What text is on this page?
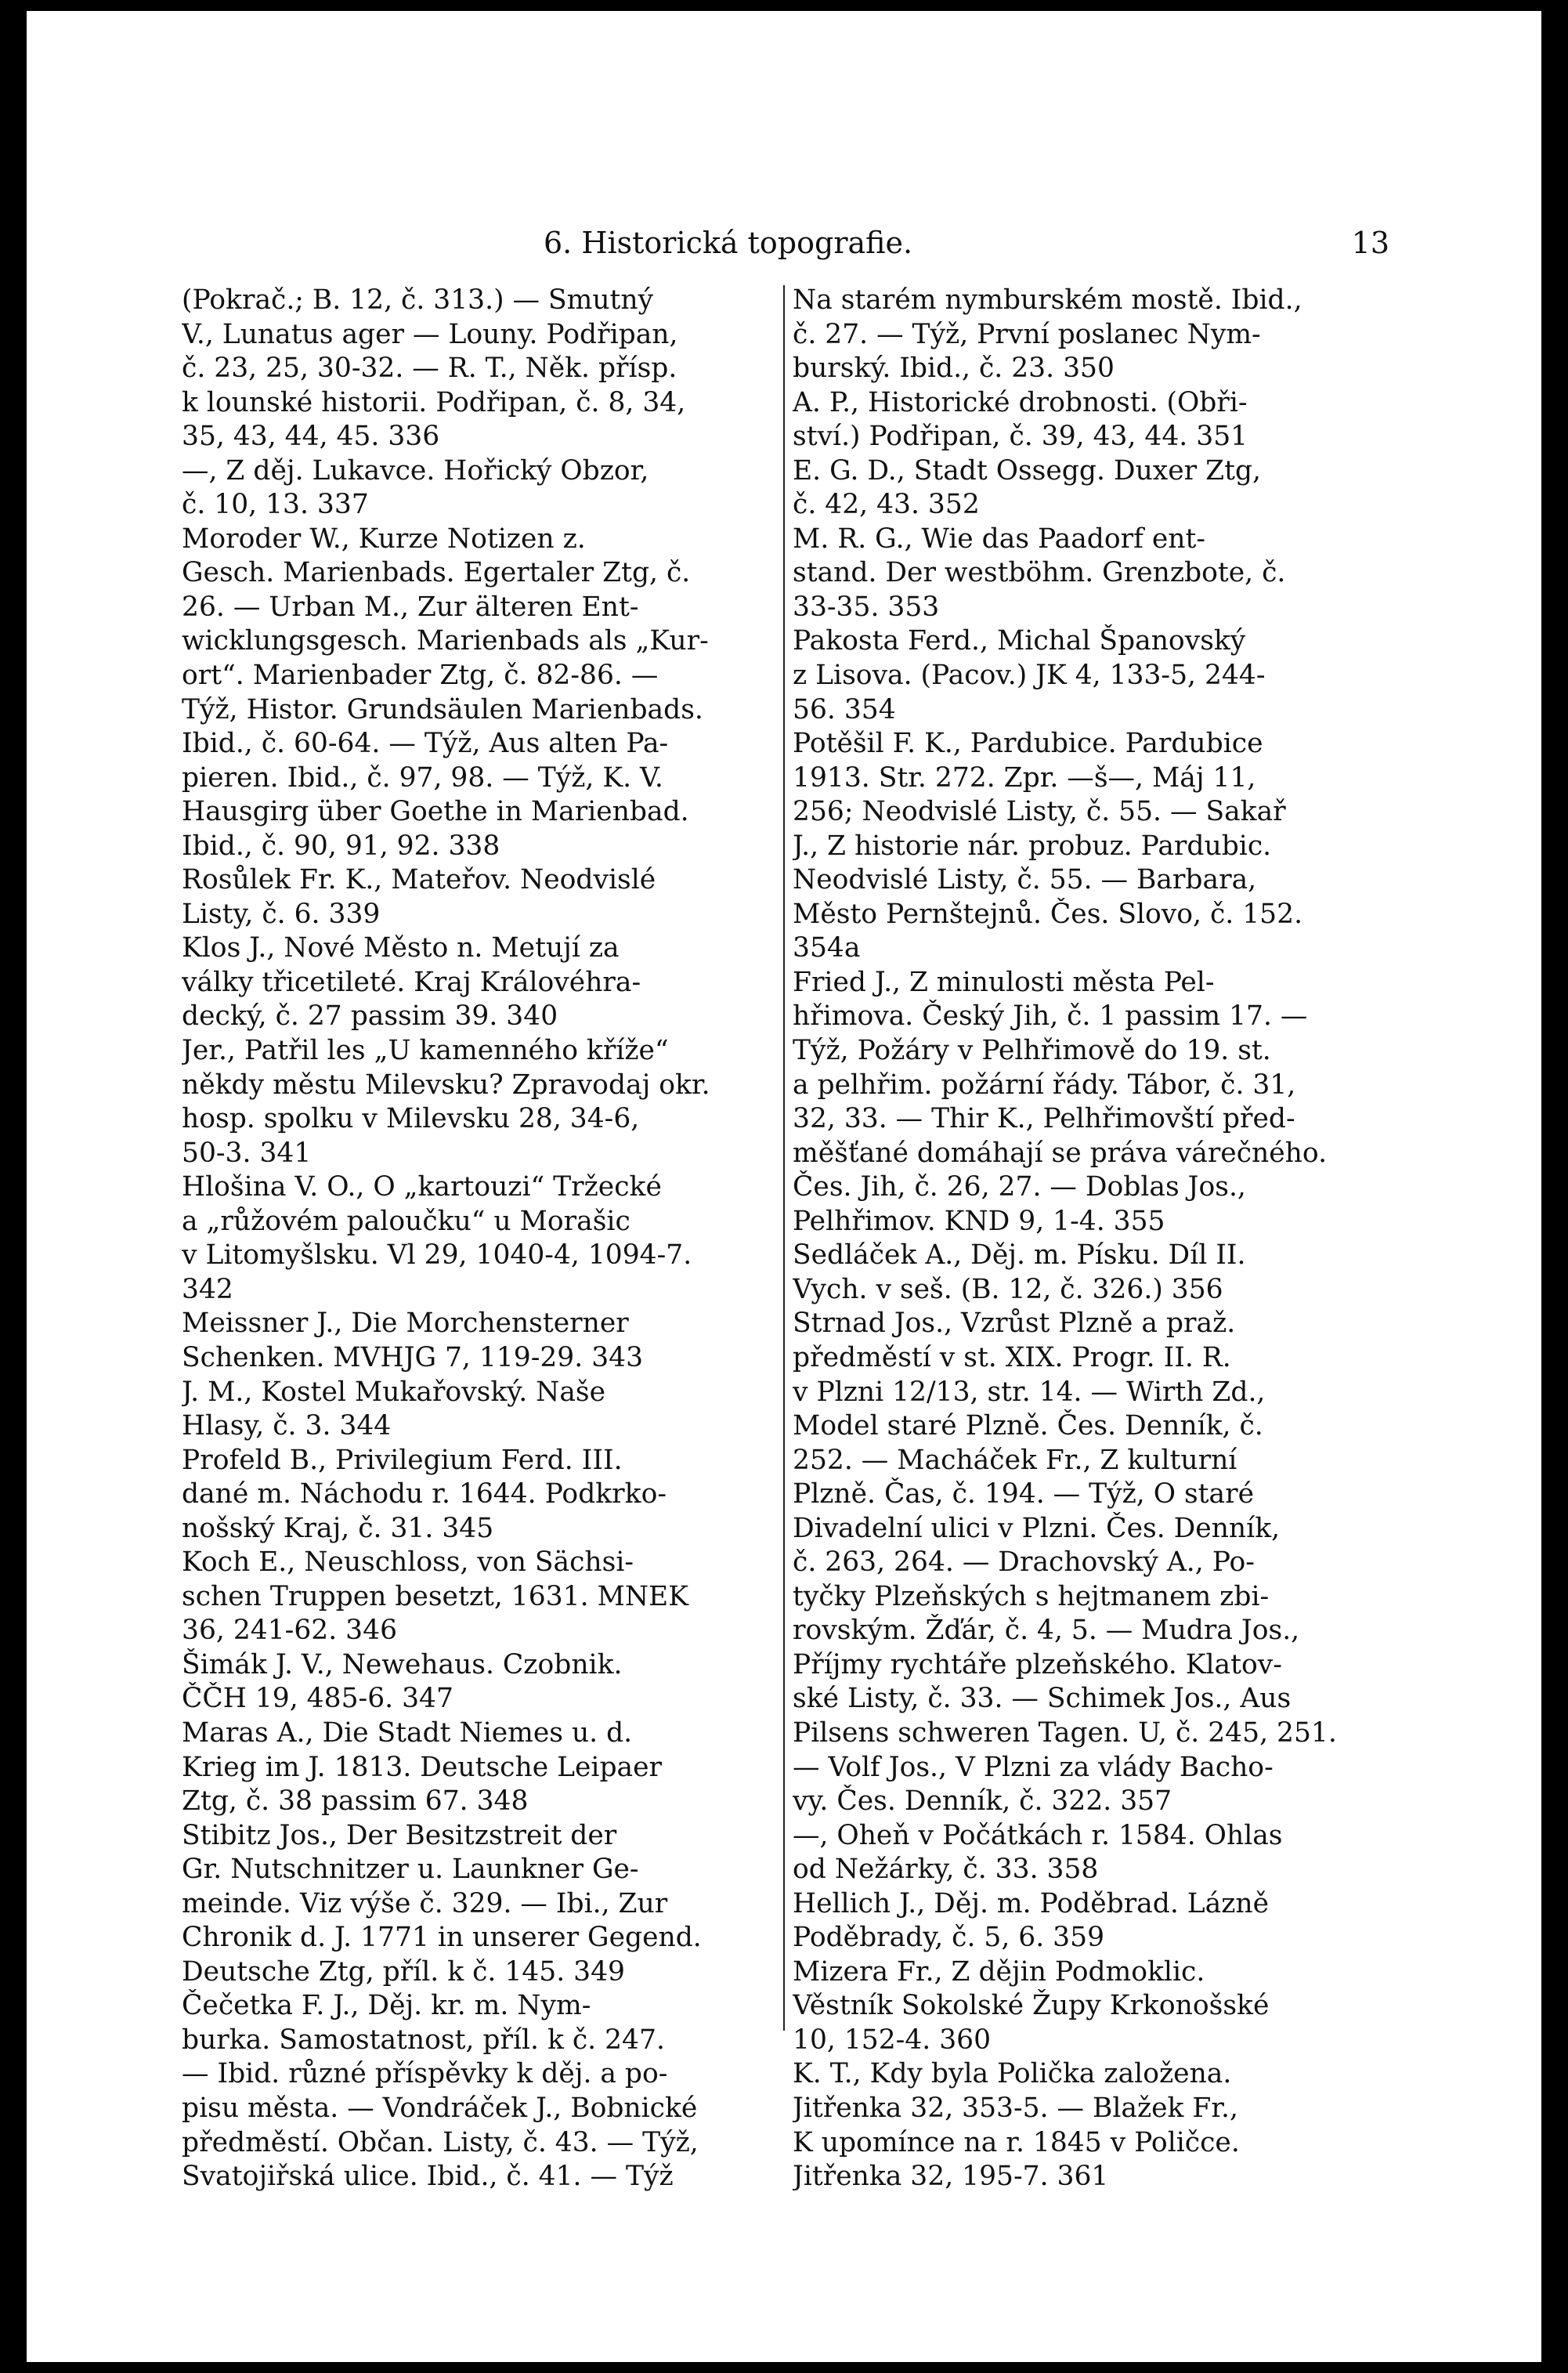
6. Historická topografie.	13
(Pokrač.; B. 12, č. 313.) — Smutný
V., Lunatus ager — Louny. Podřipan,
č. 23, 25, 30-32. — R. T., Něk. přísp.
k lounské historii. Podřipan, č. 8, 34,
35, 43, 44, 45. 336
—, Z děj. Lukavce. Hořický Obzor,
č. 10, 13. 337
Moroder W., Kurze Notizen z.
Gesch. Marienbads. Egertaler Ztg, č.
26. — Urban M., Zur älteren Ent-
wicklungsgesch. Marienbads als „Kur-
ort“. Marienbader Ztg, č. 82-86. —
Týž, Histor. Grundsäulen Marienbads.
Ibid., č. 60-64. — Týž, Aus alten Pa-
pieren. Ibid., č. 97, 98. — Týž, K. V.
Hausgirg über Goethe in Marienbad.
Ibid., č. 90, 91, 92. 338
Rosůlek Fr. K., Mateřov. Neodvislé
Listy, č. 6. 339
Klos J., Nové Město n. Metují za
války třicetileté. Kraj Královéhra-
decký, č. 27 passim 39. 340
Jer., Patřil les „U kamenného kříže“
někdy městu Milevsku? Zpravodaj okr.
hosp. spolku v Milevsku 28, 34-6,
50-3. 341
Hlošina V. O., O „kartouzi“ Tržecké
a „růžovém paloučku“ u Morašic
v Litomyšlsku. Vl 29, 1040-4, 1094-7.
342
Meissner J., Die Morchensterner
Schenken. MVHJG 7, 119-29. 343
J. M., Kostel Mukařovský. Naše
Hlasy, č. 3. 344
Profeld B., Privilegium Ferd. III.
dané m. Náchodu r. 1644. Podkrko-
nošský Kraj, č. 31. 345
Koch E., Neuschloss, von Sächsi-
schen Truppen besetzt, 1631. MNEK
36, 241-62. 346
Šimák J. V., Newehaus. Czobnik.
ČČH 19, 485-6. 347
Maras A., Die Stadt Niemes u. d.
Krieg im J. 1813. Deutsche Leipaer
Ztg, č. 38 passim 67. 348
Stibitz Jos., Der Besitzstreit der
Gr. Nutschnitzer u. Launkner Ge-
meinde. Viz výše č. 329. — Ibi., Zur
Chronik d. J. 1771 in unserer Gegend.
Deutsche Ztg, příl. k č. 145. 349
Čečetka F. J., Děj. kr. m. Nym-
burka. Samostatnost, příl. k č. 247.
— Ibid. různé příspěvky k děj. a po-
pisu města. — Vondráček J., Bobnické
předměstí. Občan. Listy, č. 43. — Týž,
Svatojiřská ulice. Ibid., č. 41. — Týž
Na starém nymburském mostě. Ibid.,
č. 27. — Týž, První poslanec Nym-
burský. Ibid., č. 23. 350
A. P., Historické drobnosti. (Obři-
ství.) Podřipan, č. 39, 43, 44. 351
E. G. D., Stadt Ossegg. Duxer Ztg,
č. 42, 43. 352
M. R. G., Wie das Paadorf ent-
stand. Der westböhm. Grenzbote, č.
33-35. 353
Pakosta Ferd., Michal Španovský
z Lisova. (Pacov.) JK 4, 133-5, 244-
56. 354
Potěšil F. K., Pardubice. Pardubice
1913. Str. 272. Zpr. —š—, Máj 11,
256; Neodvislé Listy, č. 55. — Sakař
J., Z historie nár. probuz. Pardubic.
Neodvislé Listy, č. 55. — Barbara,
Město Pernštejnů. Čes. Slovo, č. 152.
354a
Fried J., Z minulosti města Pel-
hřimova. Český Jih, č. 1 passim 17. —
Týž, Požáry v Pelhřimově do 19. st.
a pelhřim. požární řády. Tábor, č. 31,
32, 33. — Thir K., Pelhřimovští před-
měšťané domáhají se práva várečného.
Čes. Jih, č. 26, 27. — Doblas Jos.,
Pelhřimov. KND 9, 1-4. 355
Sedláček A., Děj. m. Písku. Díl II.
Vych. v seš. (B. 12, č. 326.) 356
Strnad Jos., Vzrůst Plzně a praž.
předměstí v st. XIX. Progr. II. R.
v Plzni 12/13, str. 14. — Wirth Zd.,
Model staré Plzně. Čes. Denník, č.
252. — Macháček Fr., Z kulturní
Plzně. Čas, č. 194. — Týž, O staré
Divadelní ulici v Plzni. Čes. Denník,
č. 263, 264. — Drachovský A., Po-
tyčky Plzeňských s hejtmanem zbi-
rovským. Žďár, č. 4, 5. — Mudra Jos.,
Příjmy rychtáře plzeňského. Klatov-
ské Listy, č. 33. — Schimek Jos., Aus
Pilsens schweren Tagen. U, č. 245, 251.
— Volf Jos., V Plzni za vlády Bacho-
vy. Čes. Denník, č. 322. 357
—, Oheň v Počátkách r. 1584. Ohlas
od Nežárky, č. 33. 358
Hellich J., Děj. m. Poděbrad. Lázně
Poděbrady, č. 5, 6. 359
Mizera Fr., Z dějin Podmoklic.
Věstník Sokolské Župy Krkonošské
10, 152-4. 360
K. T., Kdy byla Polička založena.
Jitřenka 32, 353-5. — Blažek Fr.,
K upomínce na r. 1845 v Poličce.
Jitřenka 32, 195-7. 361
◂
